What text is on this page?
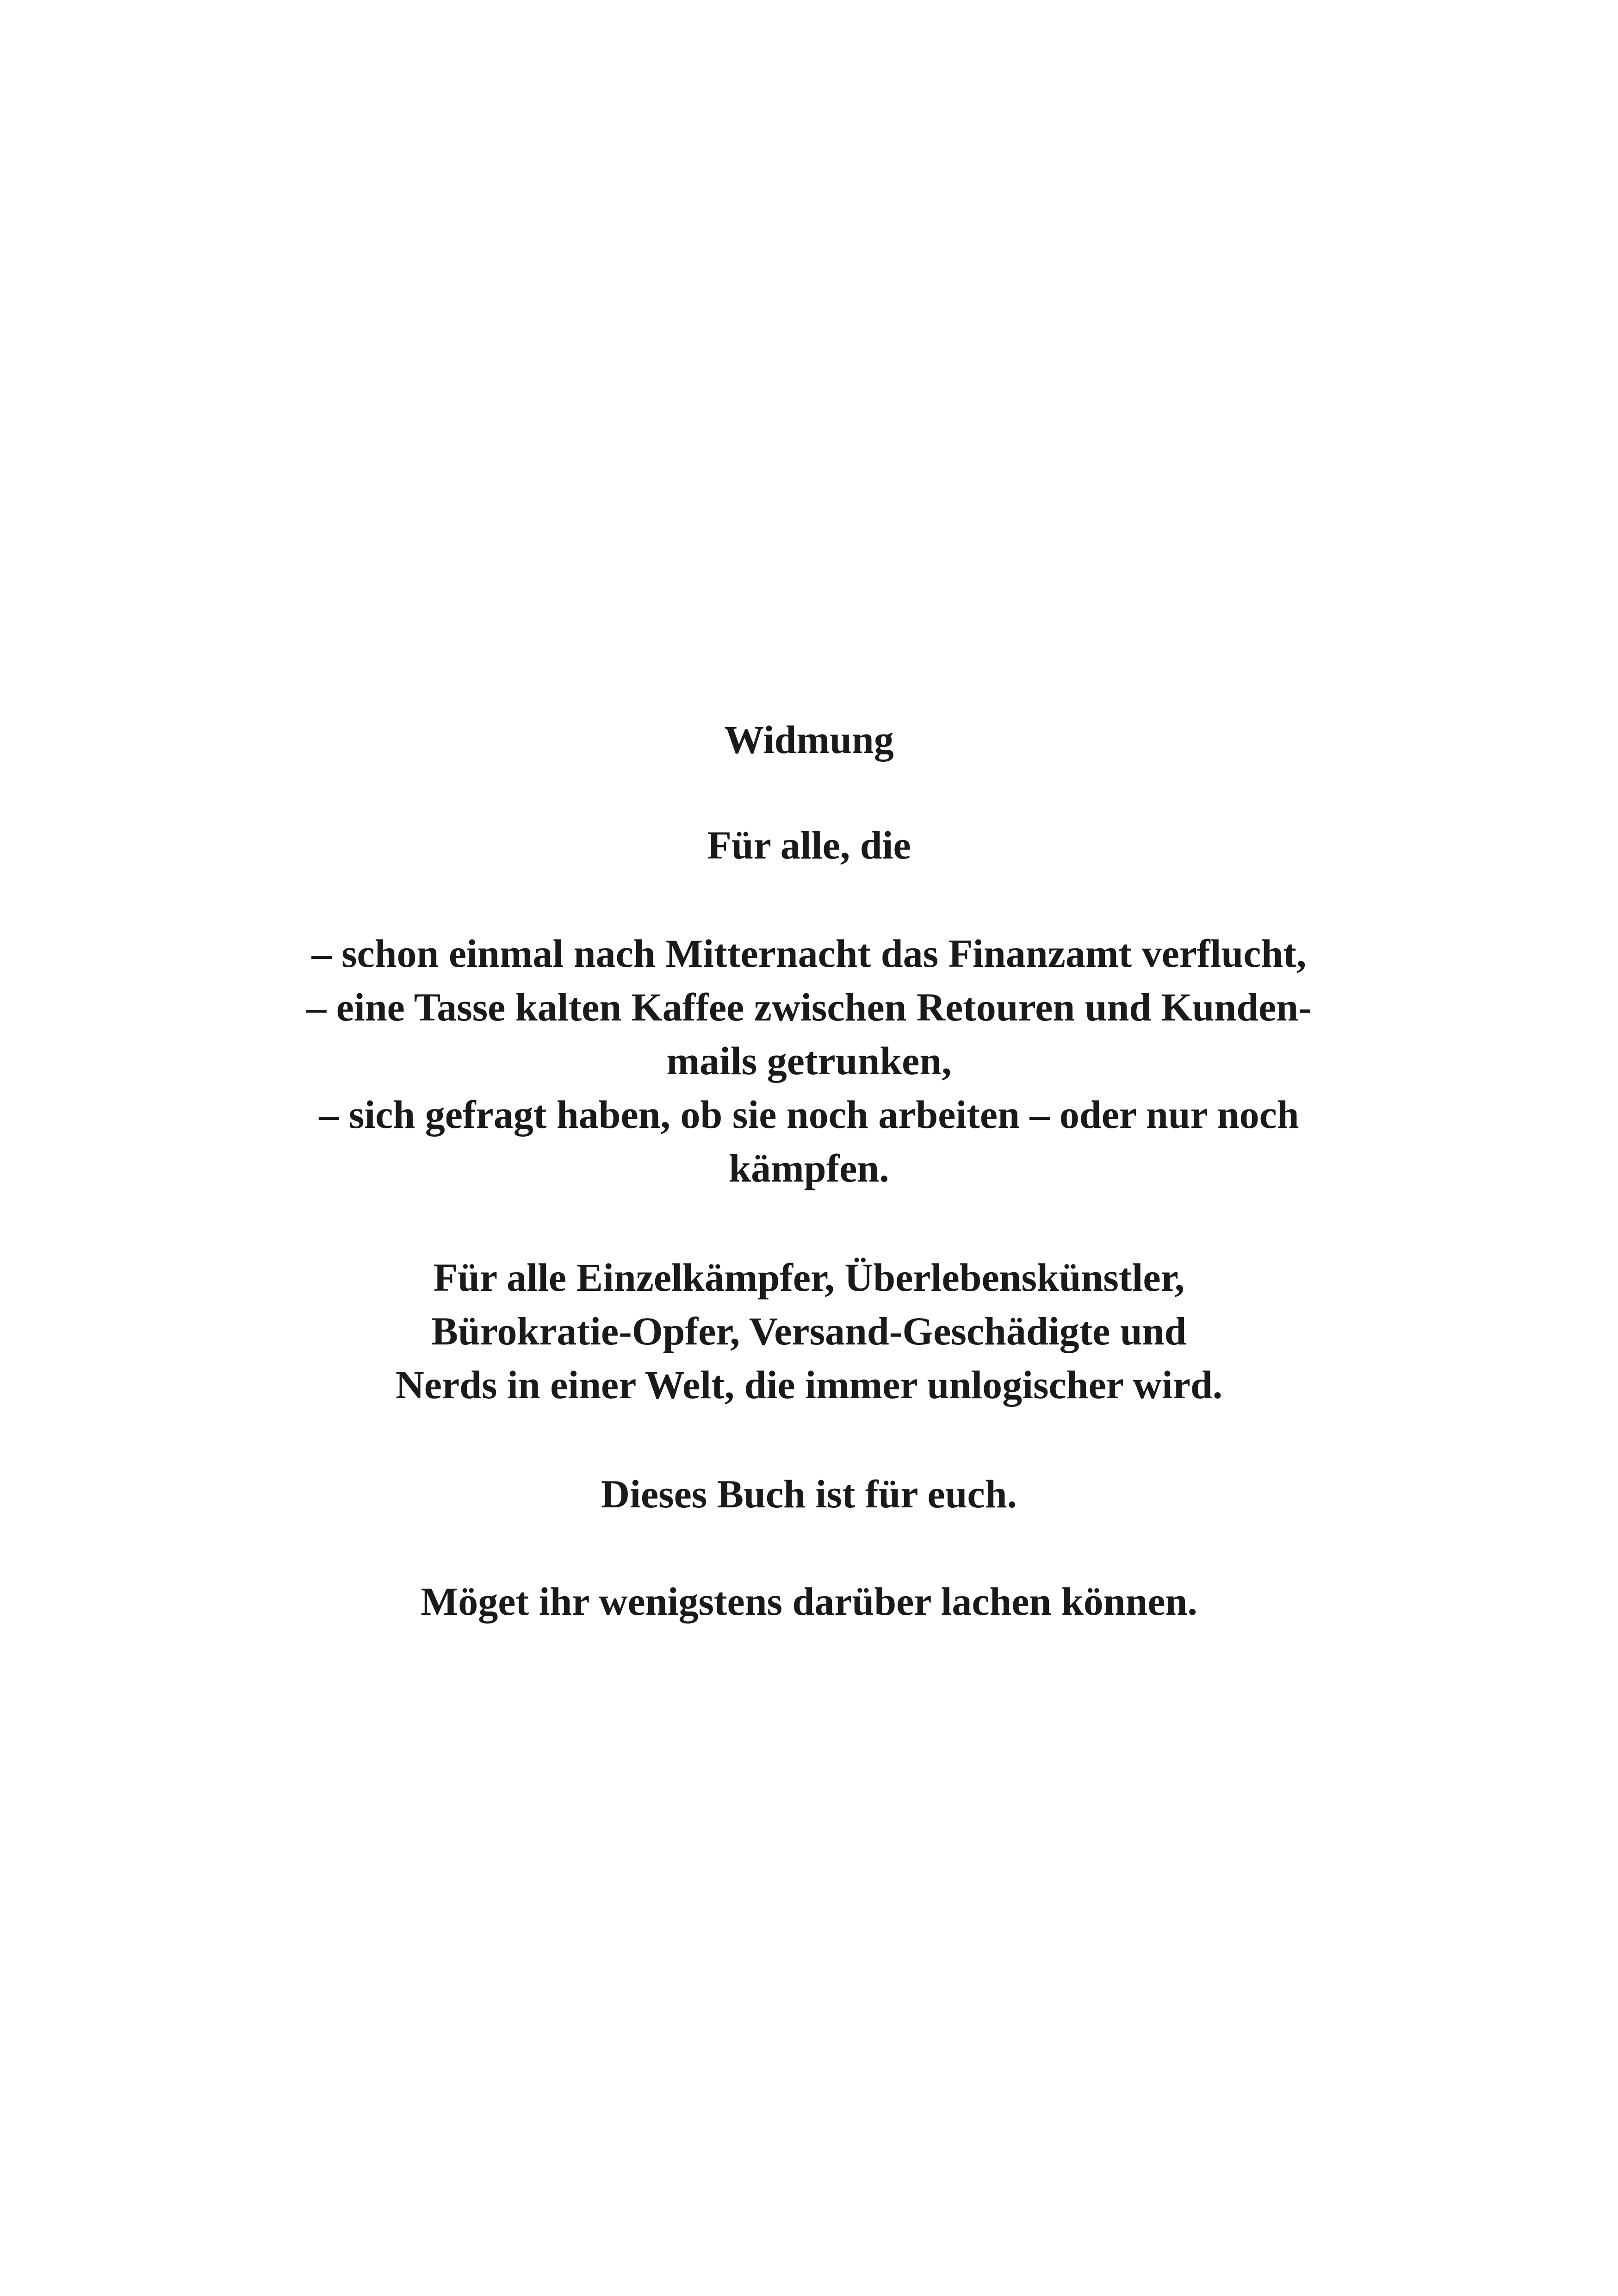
Widmung

Für alle, die

– schon einmal nach Mitternacht das Finanzamt verflucht,

– eine Tasse kalten Kaffee zwischen Retouren und Kunden-

mails getrunken,

– sich gefragt haben, ob sie noch arbeiten – oder nur noch

kämpfen.

Für alle Einzelkämpfer, Überlebenskünstler,

Bürokratie-Opfer, Versand-Geschädigte und

Nerds in einer Welt, die immer unlogischer wird.

Dieses Buch ist für euch.

Möget ihr wenigstens darüber lachen können.
